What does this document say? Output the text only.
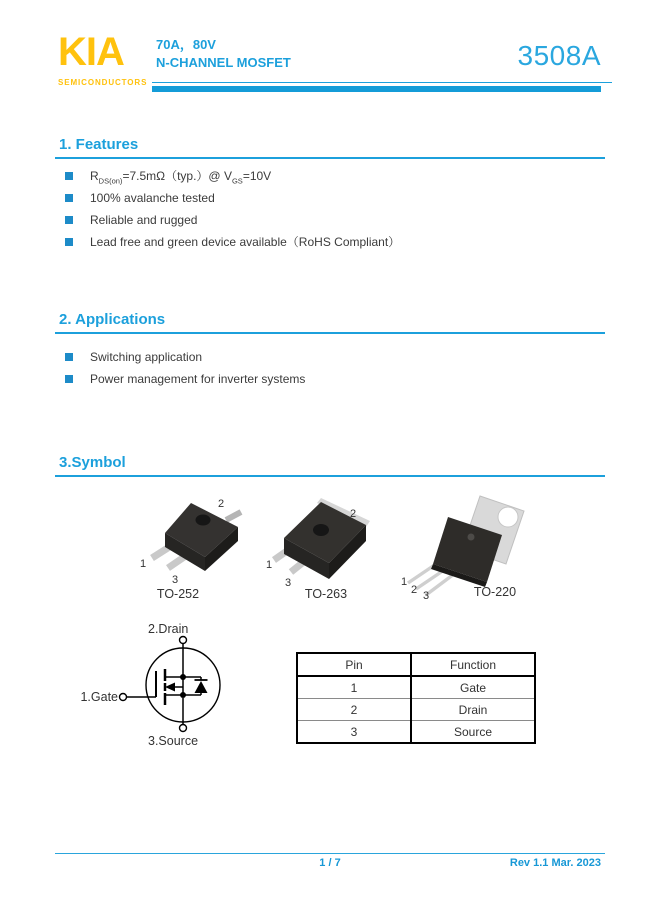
KIA
SEMICONDUCTORS
70A，80V
N-CHANNEL MOSFET	3508A
1. Features
$R_{DS(on)}=7.5m\Omega(typ.)@$ $V_{GS}=10V$
100% avalanche tested
Reliable and rugged
Lead free and green device available（RoHS Compliant）
2. Applications
Switching application
Power management for inverter systems
3.Symbol
2
1
3
TO-252
2
1
3
TO-263
1
2 3	TO-220
2.Drain
1.Gate
3.Source
Pin	Function
1	Gate
2	Drain
3	Source
1 / 7	Rev 1.1 Mar. 2023
